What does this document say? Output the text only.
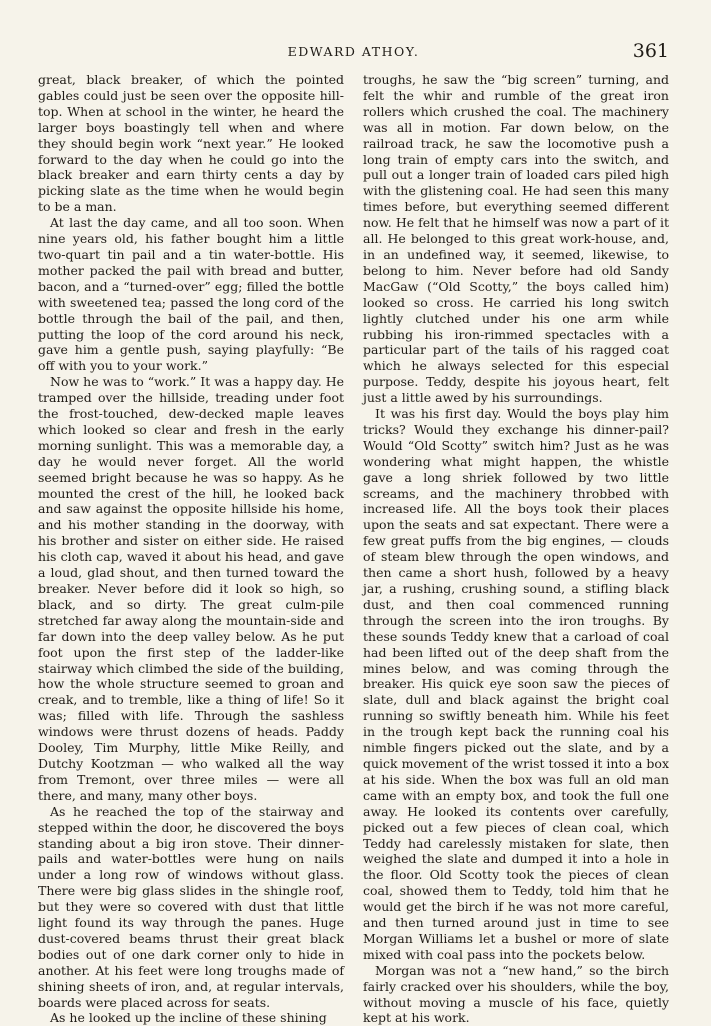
EDWARD ATHOY.	361

great, black breaker, of which the pointed gables could just be seen over the opposite hill-top. When at school in the winter, he heard the larger boys boastingly tell when and where they should begin work “next year.” He looked forward to the day when he could go into the black breaker and earn thirty cents a day by picking slate as the time when he would begin to be a man.

At last the day came, and all too soon. When nine years old, his father bought him a little two-quart tin pail and a tin water-bottle. His mother packed the pail with bread and butter, bacon, and a “turned-over” egg; filled the bottle with sweetened tea; passed the long cord of the bottle through the bail of the pail, and then, putting the loop of the cord around his neck, gave him a gentle push, saying playfully: “Be off with you to your work.”

Now he was to “work.” It was a happy day. He tramped over the hillside, treading under foot the frost-touched, dew-decked maple leaves which looked so clear and fresh in the early morning sunlight. This was a memorable day, a day he would never forget. All the world seemed bright because he was so happy. As he mounted the crest of the hill, he looked back and saw against the opposite hillside his home, and his mother standing in the doorway, with his brother and sister on either side. He raised his cloth cap, waved it about his head, and gave a loud, glad shout, and then turned toward the breaker. Never before did it look so high, so black, and so dirty. The great culm-pile stretched far away along the mountain-side and far down into the deep valley below. As he put foot upon the first step of the ladder-like stairway which climbed the side of the building, how the whole structure seemed to groan and creak, and to tremble, like a thing of life! So it was; filled with life. Through the sashless windows were thrust dozens of heads. Paddy Dooley, Tim Murphy, little Mike Reilly, and Dutchy Kootzman — who walked all the way from Tremont, over three miles — were all there, and many, many other boys.

As he reached the top of the stairway and stepped within the door, he discovered the boys standing about a big iron stove. Their dinner-pails and water-bottles were hung on nails under a long row of windows without glass. There were big glass slides in the shingle roof, but they were so covered with dust that little light found its way through the panes. Huge dust-covered beams thrust their great black bodies out of one dark corner only to hide in another. At his feet were long troughs made of shining sheets of iron, and, at regular intervals, boards were placed across for seats.

As he looked up the incline of these shining

troughs, he saw the “big screen” turning, and felt the whir and rumble of the great iron rollers which crushed the coal. The machinery was all in motion. Far down below, on the railroad track, he saw the locomotive push a long train of empty cars into the switch, and pull out a longer train of loaded cars piled high with the glistening coal. He had seen this many times before, but everything seemed different now. He felt that he himself was now a part of it all. He belonged to this great work-house, and, in an undefined way, it seemed, likewise, to belong to him. Never before had old Sandy MacGaw (“Old Scotty,” the boys called him) looked so cross. He carried his long switch lightly clutched under his one arm while rubbing his iron-rimmed spectacles with a particular part of the tails of his ragged coat which he always selected for this especial purpose. Teddy, despite his joyous heart, felt just a little awed by his surroundings.

It was his first day. Would the boys play him tricks? Would they exchange his dinner-pail? Would “Old Scotty” switch him? Just as he was wondering what might happen, the whistle gave a long shriek followed by two little screams, and the machinery throbbed with increased life. All the boys took their places upon the seats and sat expectant. There were a few great puffs from the big engines, — clouds of steam blew through the open windows, and then came a short hush, followed by a heavy jar, a rushing, crushing sound, a stifling black dust, and then coal commenced running through the screen into the iron troughs. By these sounds Teddy knew that a carload of coal had been lifted out of the deep shaft from the mines below, and was coming through the breaker. His quick eye soon saw the pieces of slate, dull and black against the bright coal running so swiftly beneath him. While his feet in the trough kept back the running coal his nimble fingers picked out the slate, and by a quick movement of the wrist tossed it into a box at his side. When the box was full an old man came with an empty box, and took the full one away. He looked its contents over carefully, picked out a few pieces of clean coal, which Teddy had carelessly mistaken for slate, then weighed the slate and dumped it into a hole in the floor. Old Scotty took the pieces of clean coal, showed them to Teddy, told him that he would get the birch if he was not more careful, and then turned around just in time to see Morgan Williams let a bushel or more of slate mixed with coal pass into the pockets below.

Morgan was not a “new hand,” so the birch fairly cracked over his shoulders, while the boy, without moving a muscle of his face, quietly kept at his work.
